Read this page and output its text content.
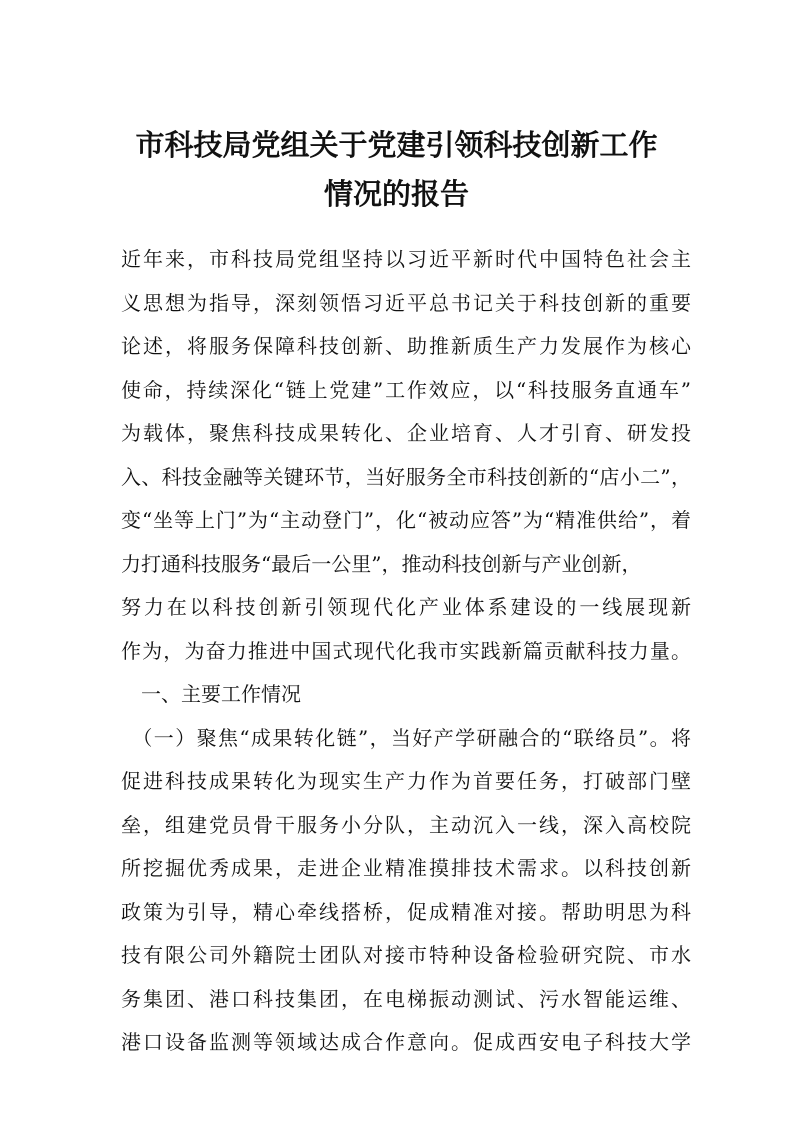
市科技局党组关于党建引领科技创新工作
情况的报告
近年来，市科技局党组坚持以习近平新时代中国特色社会主
义思想为指导，深刻领悟习近平总书记关于科技创新的重要
论述，将服务保障科技创新、助推新质生产力发展作为核心
使命，持续深化“链上党建”工作效应，以“科技服务直通车”
为载体，聚焦科技成果转化、企业培育、人才引育、研发投
入、科技金融等关键环节，当好服务全市科技创新的“店小二”，
变“坐等上门”为“主动登门”，化“被动应答”为“精准供给”，着
力打通科技服务“最后一公里”，推动科技创新与产业创新，
努力在以科技创新引领现代化产业体系建设的一线展现新
作为，为奋力推进中国式现代化我市实践新篇贡献科技力量。
　一、主要工作情况
　（一）聚焦“成果转化链”，当好产学研融合的“联络员”。将
促进科技成果转化为现实生产力作为首要任务，打破部门壁
垒，组建党员骨干服务小分队，主动沉入一线，深入高校院
所挖掘优秀成果，走进企业精准摸排技术需求。以科技创新
政策为引导，精心牵线搭桥，促成精准对接。帮助明思为科
技有限公司外籍院士团队对接市特种设备检验研究院、市水
务集团、港口科技集团，在电梯振动测试、污水智能运维、
港口设备监测等领域达成合作意向。促成西安电子科技大学
